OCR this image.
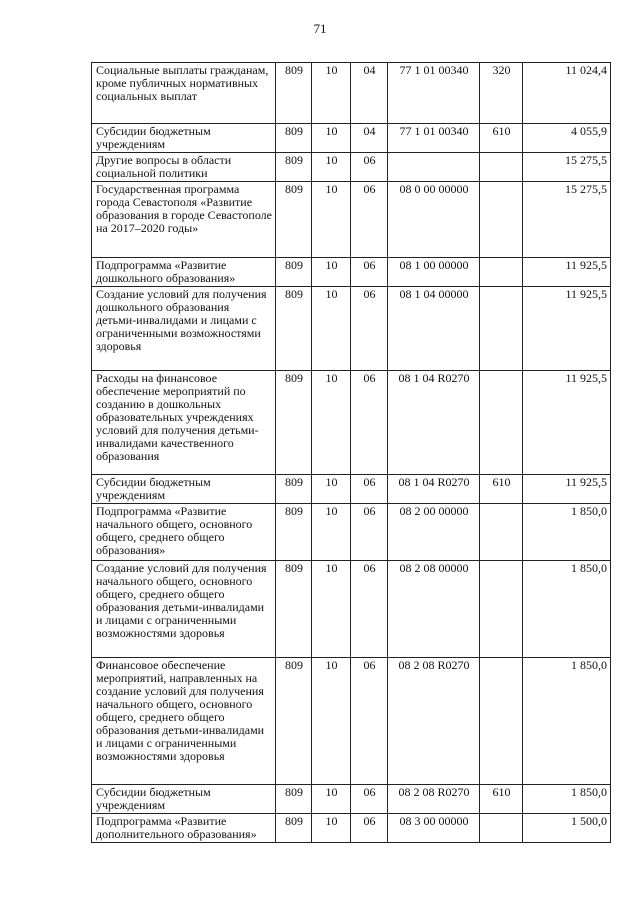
71
Социальные выплаты гражданам, кроме публичных нормативных социальных выплат	809	10	04	77 1 01 00340	320	11 024,4
Субсидии бюджетным учреждениям	809	10	04	77 1 01 00340	610	4 055,9
Другие вопросы в области социальной политики	809	10	06			15 275,5
Государственная программа города Севастополя «Развитие образования в городе Севастополе на 2017–2020 годы»	809	10	06	08 0 00 00000		15 275,5
Подпрограмма «Развитие дошкольного образования»	809	10	06	08 1 00 00000		11 925,5
Создание условий для получения дошкольного образования детьми-инвалидами и лицами с ограниченными возможностями здоровья	809	10	06	08 1 04 00000		11 925,5
Расходы на финансовое обеспечение мероприятий по созданию в дошкольных образовательных учреждениях условий для получения детьми-инвалидами качественного образования	809	10	06	08 1 04 R0270		11 925,5
Субсидии бюджетным учреждениям	809	10	06	08 1 04 R0270	610	11 925,5
Подпрограмма «Развитие начального общего, основного общего, среднего общего образования»	809	10	06	08 2 00 00000		1 850,0
Создание условий для получения начального общего, основного общего, среднего общего образования детьми-инвалидами и лицами с ограниченными возможностями здоровья	809	10	06	08 2 08 00000		1 850,0
Финансовое обеспечение мероприятий, направленных на создание условий для получения начального общего, основного общего, среднего общего образования детьми-инвалидами и лицами с ограниченными возможностями здоровья	809	10	06	08 2 08 R0270		1 850,0
Субсидии бюджетным учреждениям	809	10	06	08 2 08 R0270	610	1 850,0
Подпрограмма «Развитие дополнительного образования»	809	10	06	08 3 00 00000		1 500,0
